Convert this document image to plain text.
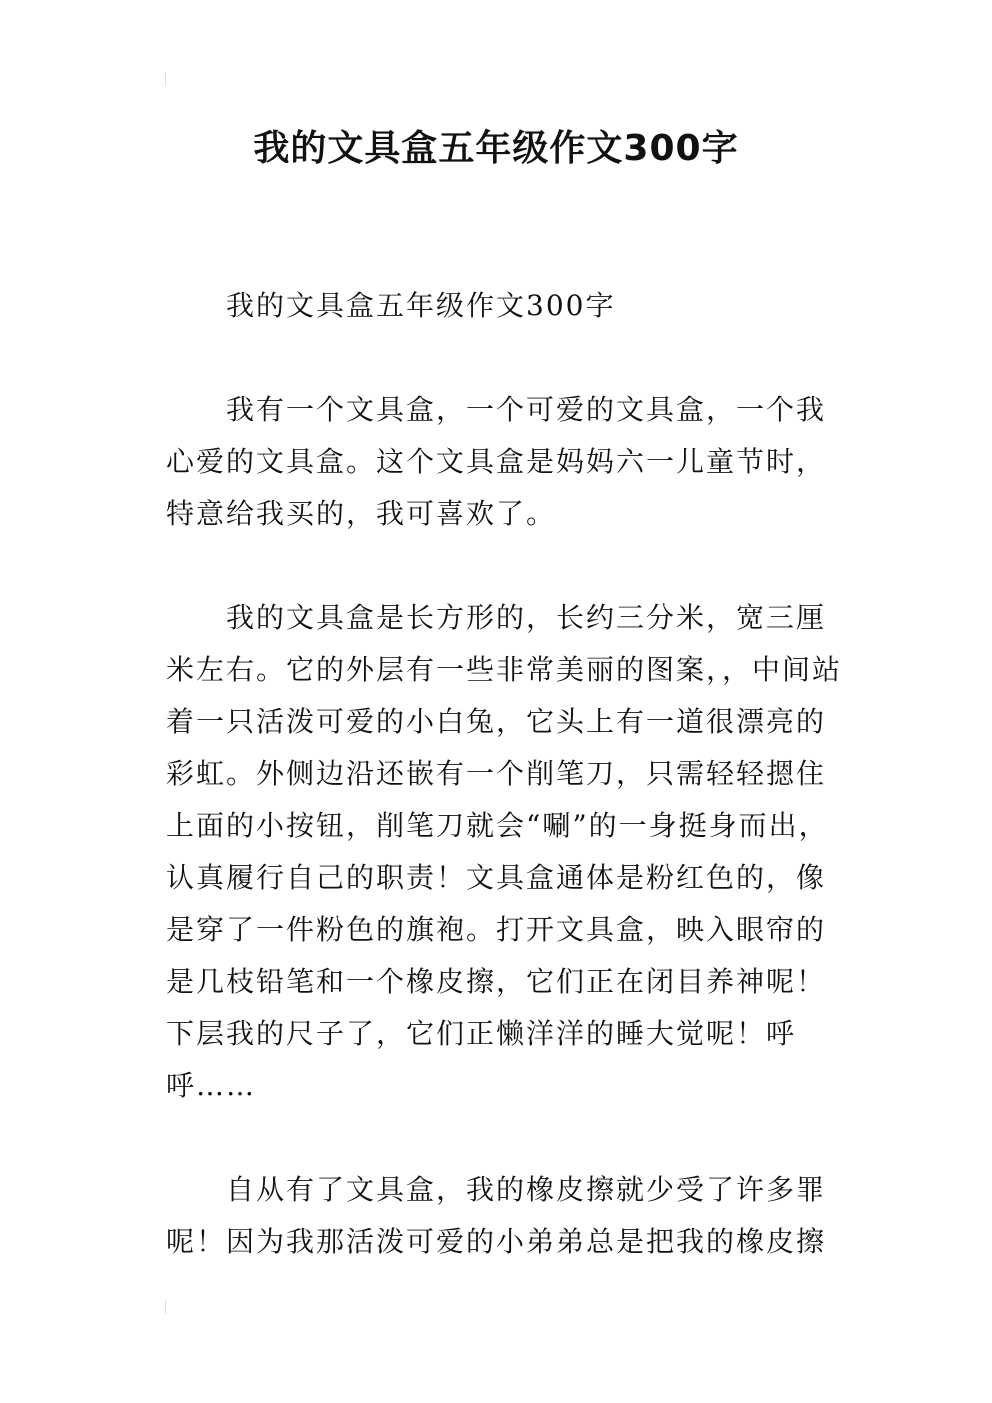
我的文具盒五年级作文300字
我的文具盒五年级作文300字
我有一个文具盒，一个可爱的文具盒，一个我
心爱的文具盒。这个文具盒是妈妈六一儿童节时，
特意给我买的，我可喜欢了。
我的文具盒是长方形的，长约三分米，宽三厘
米左右。它的外层有一些非常美丽的图案，，中间站
着一只活泼可爱的小白兔，它头上有一道很漂亮的
彩虹。外侧边沿还嵌有一个削笔刀，只需轻轻摁住
上面的小按钮，削笔刀就会“唰”的一身挺身而出，
认真履行自己的职责！文具盒通体是粉红色的，像
是穿了一件粉色的旗袍。打开文具盒，映入眼帘的
是几枝铅笔和一个橡皮擦，它们正在闭目养神呢！
下层我的尺子了，它们正懒洋洋的睡大觉呢！呼
呼……
自从有了文具盒，我的橡皮擦就少受了许多罪
呢！因为我那活泼可爱的小弟弟总是把我的橡皮擦
